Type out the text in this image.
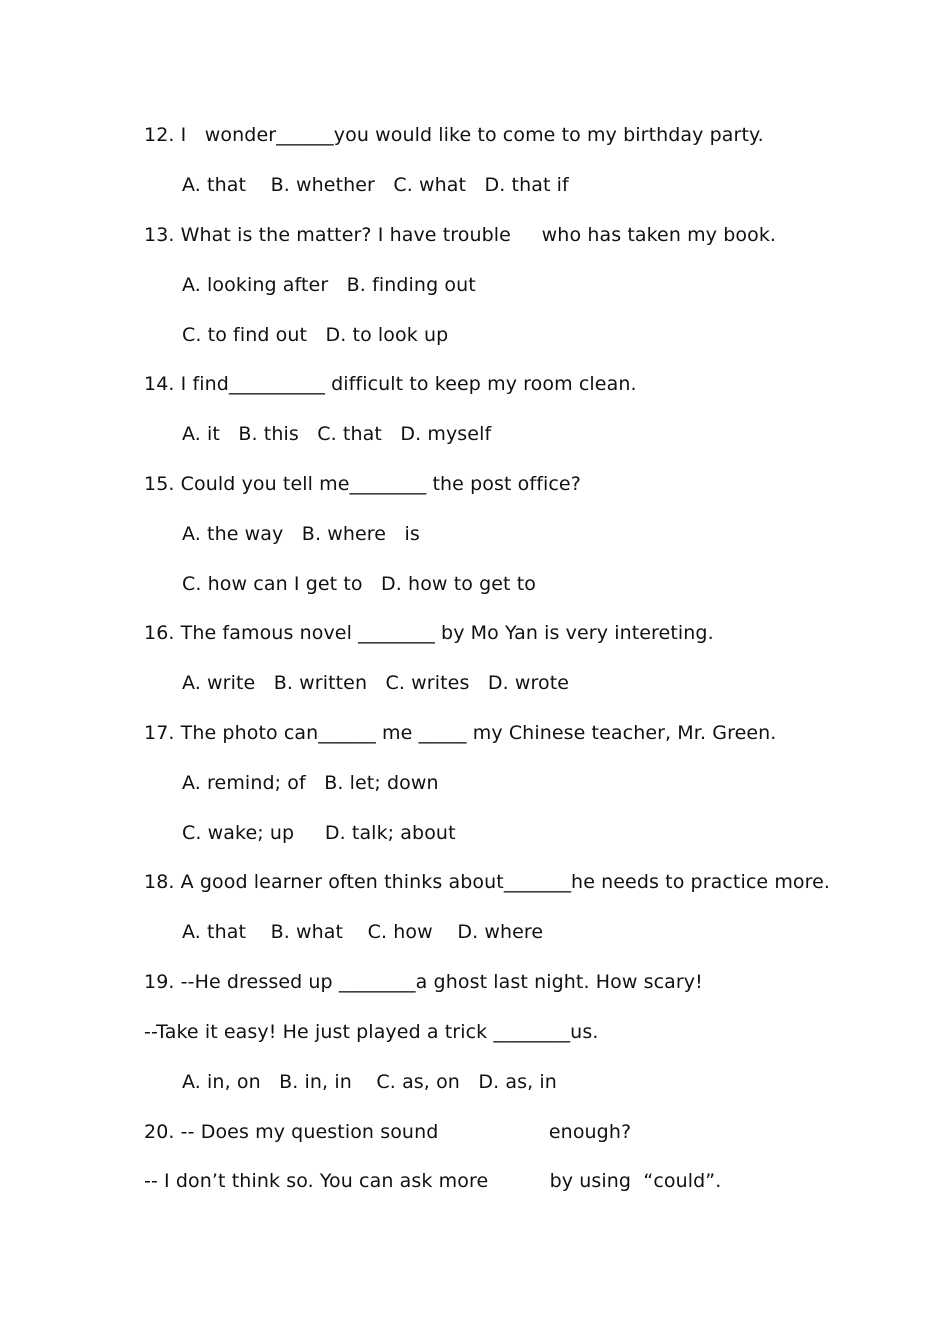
12. I   wonder______you would like to come to my birthday party.
A. that    B. whether   C. what   D. that if
13. What is the matter? I have trouble     who has taken my book.
A. looking after   B. finding out
C. to find out   D. to look up
14. I find__________ difficult to keep my room clean.
A. it   B. this   C. that   D. myself
15. Could you tell me________ the post office?
A. the way   B. where   is
C. how can I get to   D. how to get to
16. The famous novel ________ by Mo Yan is very intereting.
A. write   B. written   C. writes   D. wrote
17. The photo can______ me _____ my Chinese teacher, Mr. Green.
A. remind; of   B. let; down
C. wake; up     D. talk; about
18. A good learner often thinks about_______he needs to practice more.
A. that    B. what    C. how    D. where
19. --He dressed up ________a ghost last night. How scary!
--Take it easy! He just played a trick ________us.
A. in, on   B. in, in    C. as, on   D. as, in
20. -- Does my question sound                  enough?
-- I don’t think so. You can ask more          by using  “could”.
